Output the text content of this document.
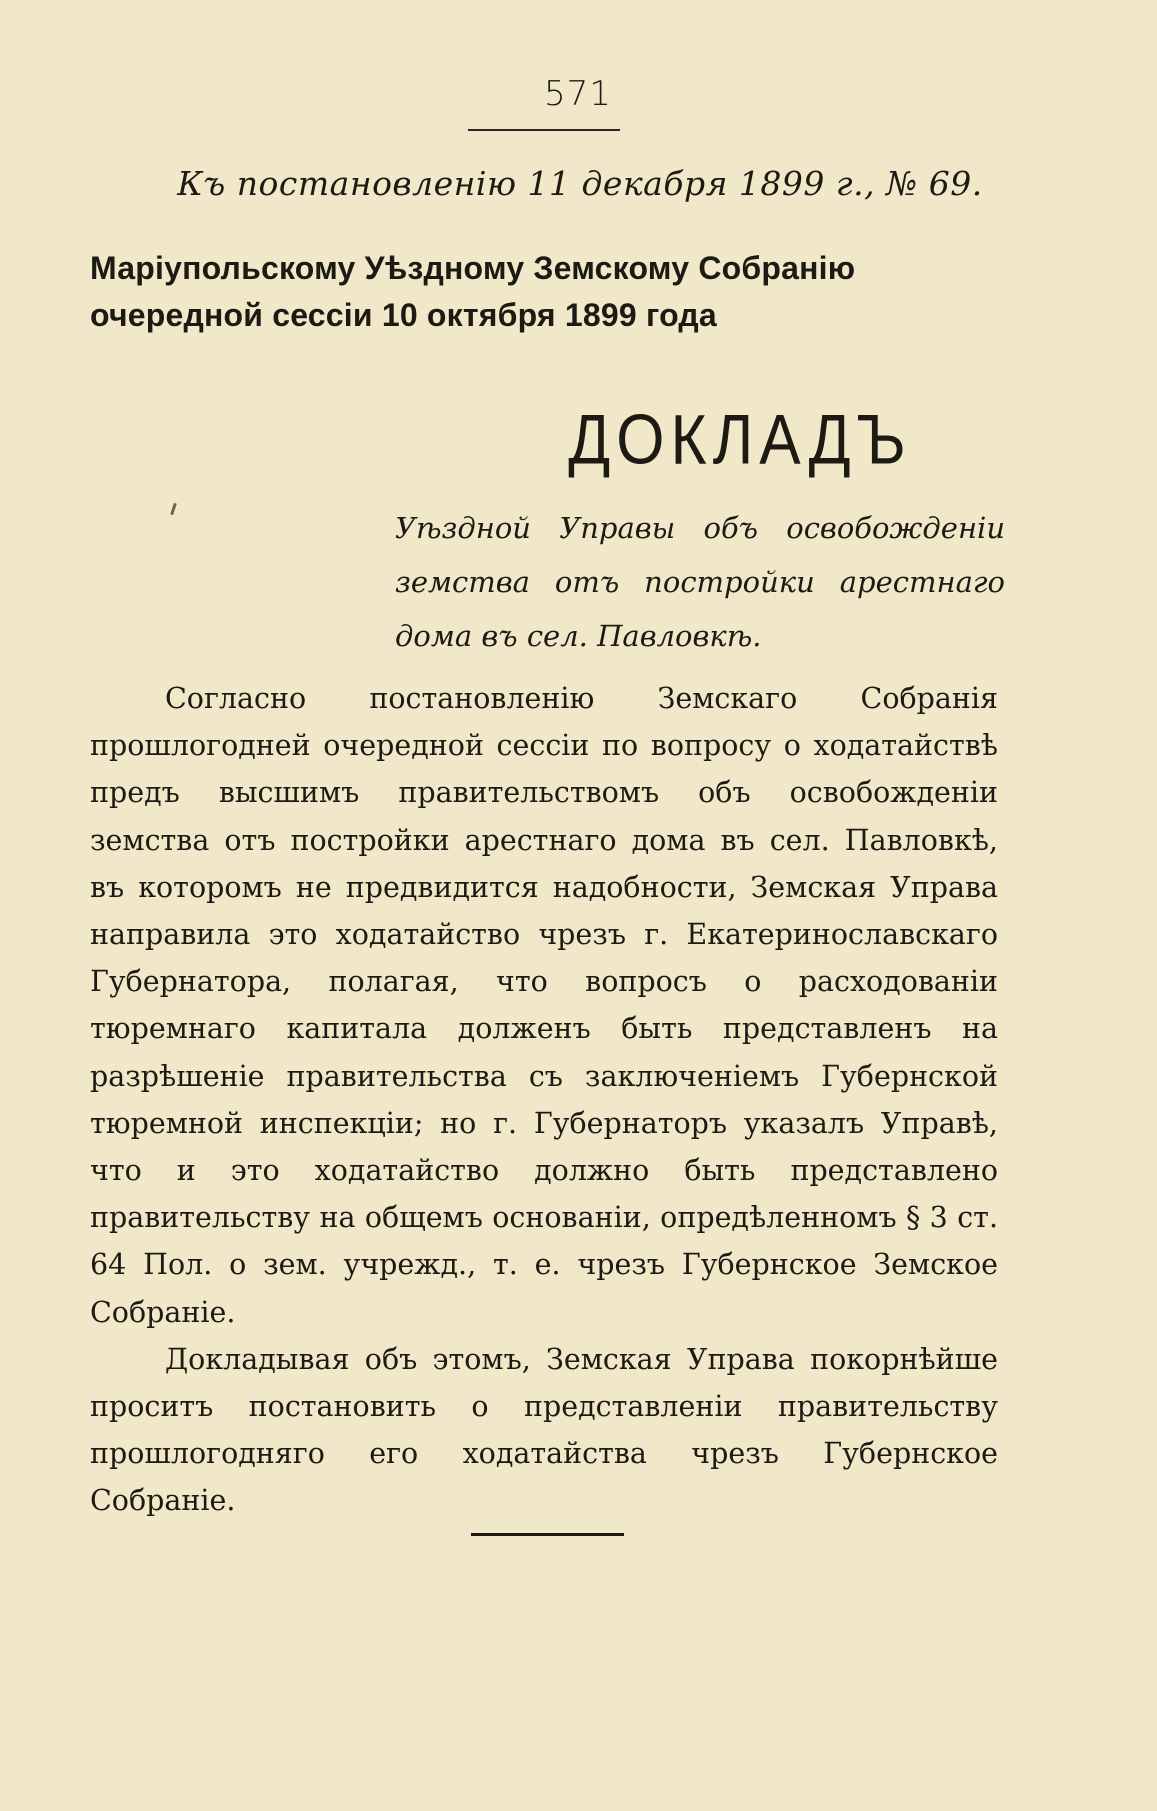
571
Къ постановленію 11 декабря 1899 г., № 69.
Маріупольскому Уѣздному Земскому Собранію очередной сессіи 10 октября 1899 года
ДОКЛАДЪ
Уѣздной Управы объ освобожденіи земства отъ постройки арестнаго дома въ сел. Павловкѣ.

Согласно постановленію Земскаго Собранія прошлогодней очередной сессіи по вопросу о ходатайствѣ предъ высшимъ правительствомъ объ освобожденіи земства отъ постройки арестнаго дома въ сел. Павловкѣ, въ которомъ не предвидится надобности, Земская Управа направила это ходатайство чрезъ г. Екатеринославскаго Губернатора, полагая, что вопросъ о расходованіи тюремнаго капитала долженъ быть представленъ на разрѣшеніе правительства съ заключеніемъ Губернской тюремной инспекціи; но г. Губернаторъ указалъ Управѣ, что и это ходатайство должно быть представлено правительству на общемъ основаніи, опредѣленномъ § 3 ст. 64 Пол. о зем. учрежд., т. е. чрезъ Губернское Земское Собраніе.

Докладывая объ этомъ, Земская Управа покорнѣйше проситъ постановить о представленіи правительству прошлогодняго его ходатайства чрезъ Губернское Собраніе.
